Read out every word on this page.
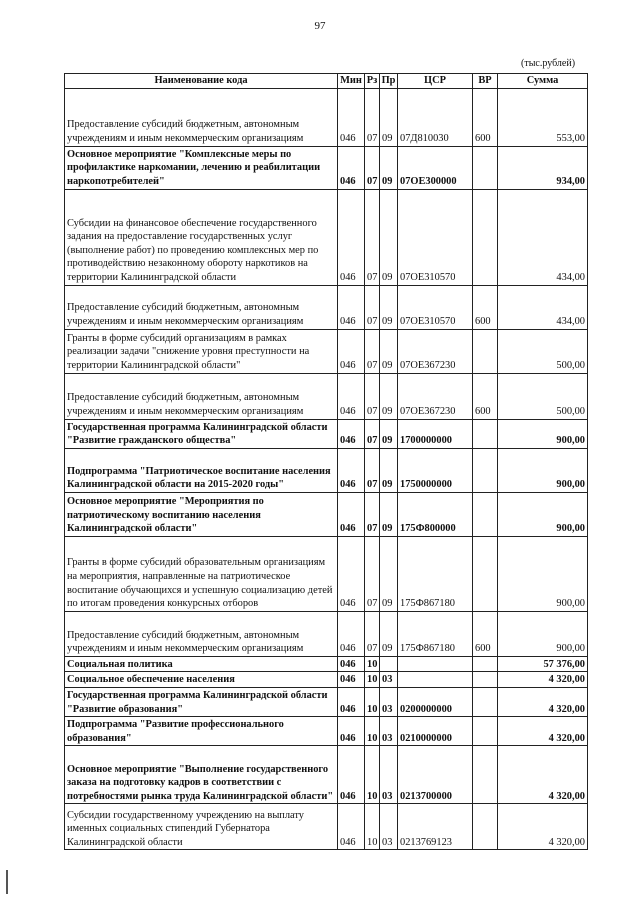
97
(тыс.рублей)
Наименование кода	Мин	Рз	Пр	ЦСР	ВР	Сумма
Предоставление субсидий бюджетным, автономным учреждениям и иным некоммерческим организациям	046	07	09	07Д810030	600	553,00
Основное мероприятие "Комплексные меры по профилактике наркомании, лечению и реабилитации наркопотребителей"	046	07	09	07ОЕ300000		934,00
Субсидии на финансовое обеспечение государственного задания на предоставление государственных услуг (выполнение работ) по проведению комплексных мер по противодействию незаконному обороту наркотиков на территории Калининградской области	046	07	09	07ОЕ310570		434,00
Предоставление субсидий бюджетным, автономным учреждениям и иным некоммерческим организациям	046	07	09	07ОЕ310570	600	434,00
Гранты в форме субсидий организациям в рамках реализации задачи "снижение уровня преступности на территории Калининградской области"	046	07	09	07ОЕ367230		500,00
Предоставление субсидий бюджетным, автономным учреждениям и иным некоммерческим организациям	046	07	09	07ОЕ367230	600	500,00
Государственная программа Калининградской области "Развитие гражданского общества"	046	07	09	1700000000		900,00
Подпрограмма "Патриотическое воспитание населения Калининградской области на 2015-2020 годы"	046	07	09	1750000000		900,00
Основное мероприятие "Мероприятия по патриотическому воспитанию населения Калининградской области"	046	07	09	175Ф800000		900,00
Гранты в форме субсидий образовательным организациям на мероприятия, направленные на патриотическое воспитание обучающихся и успешную социализацию детей по итогам проведения конкурсных отборов	046	07	09	175Ф867180		900,00
Предоставление субсидий бюджетным, автономным учреждениям и иным некоммерческим организациям	046	07	09	175Ф867180	600	900,00
Социальная политика	046	10				57 376,00
Социальное обеспечение населения	046	10	03			4 320,00
Государственная программа Калининградской области "Развитие образования"	046	10	03	0200000000		4 320,00
Подпрограмма "Развитие профессионального образования"	046	10	03	0210000000		4 320,00
Основное мероприятие "Выполнение государственного заказа на подготовку кадров в соответствии с потребностями рынка труда Калининградской области"	046	10	03	0213700000		4 320,00
Субсидии государственному учреждению на выплату именных социальных стипендий Губернатора Калининградской области	046	10	03	0213769123		4 320,00
